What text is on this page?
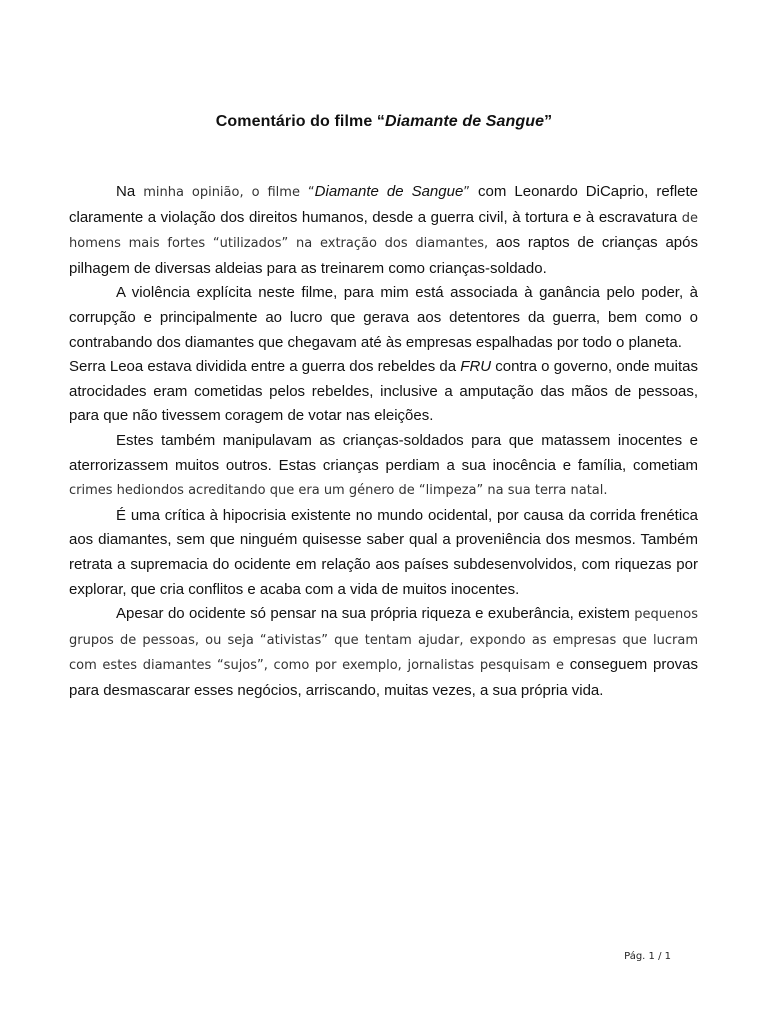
Comentário do filme “Diamante de Sangue”

Na minha opinião, o filme “Diamante de Sangue” com Leonardo DiCaprio, reflete claramente a violação dos direitos humanos, desde a guerra civil, à tortura e à escravatura de homens mais fortes “utilizados” na extração dos diamantes, aos raptos de crianças após pilhagem de diversas aldeias para as treinarem como crianças-soldado.

A violência explícita neste filme, para mim está associada à ganância pelo poder, à corrupção e principalmente ao lucro que gerava aos detentores da guerra, bem como o contrabando dos diamantes que chegavam até às empresas espalhadas por todo o planeta.

Serra Leoa estava dividida entre a guerra dos rebeldes da FRU contra o governo, onde muitas atrocidades eram cometidas pelos rebeldes, inclusive a amputação das mãos de pessoas, para que não tivessem coragem de votar nas eleições.

Estes também manipulavam as crianças-soldados para que matassem inocentes e aterrorizassem muitos outros. Estas crianças perdiam a sua inocência e família, cometiam crimes hediondos acreditando que era um género de “limpeza” na sua terra natal.

É uma crítica à hipocrisia existente no mundo ocidental, por causa da corrida frenética aos diamantes, sem que ninguém quisesse saber qual a proveniência dos mesmos. Também retrata a supremacia do ocidente em relação aos países subdesenvolvidos, com riquezas por explorar, que cria conflitos e acaba com a vida de muitos inocentes.

Apesar do ocidente só pensar na sua própria riqueza e exuberância, existem pequenos grupos de pessoas, ou seja “ativistas” que tentam ajudar, expondo as empresas que lucram com estes diamantes “sujos”, como por exemplo, jornalistas pesquisam e conseguem provas para desmascarar esses negócios, arriscando, muitas vezes, a sua própria vida.

Pág. 1 / 1
